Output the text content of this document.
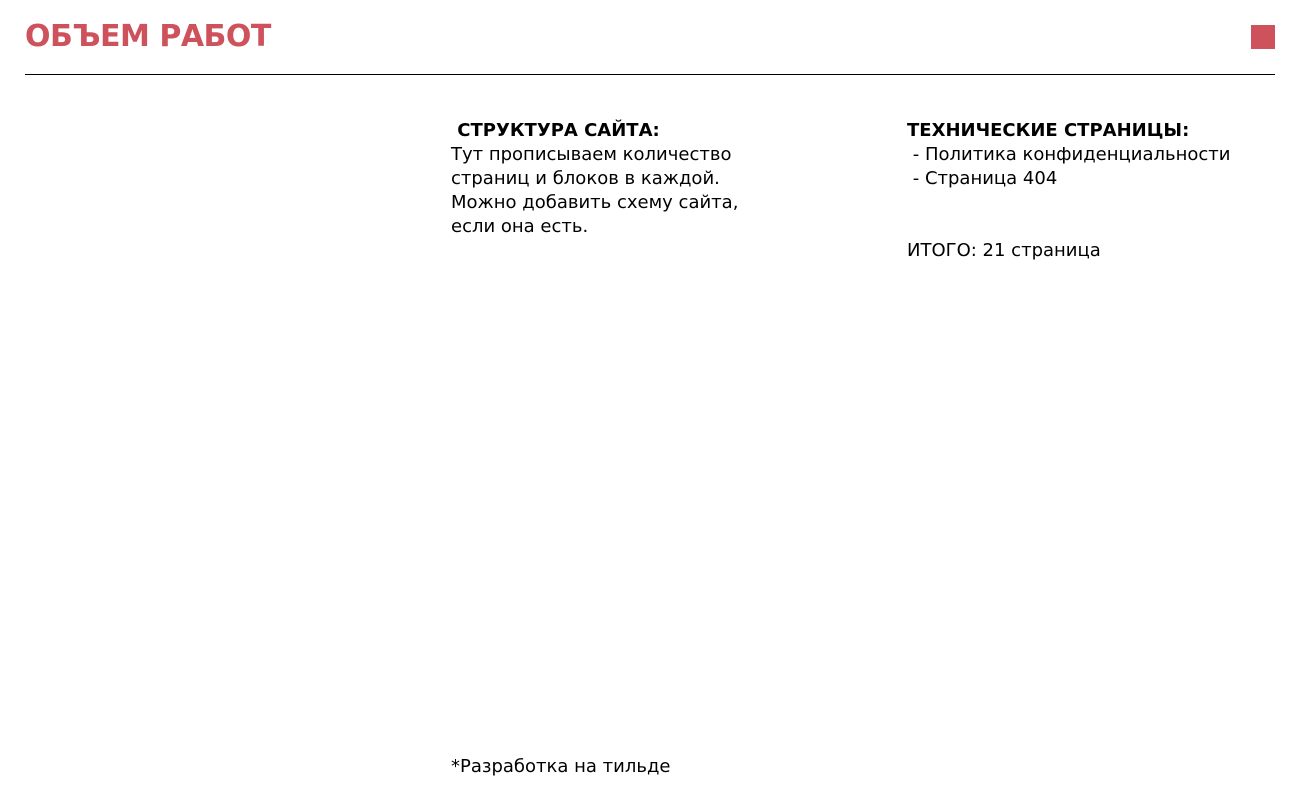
ОБЪЕМ РАБОТ
СТРУКТУРА САЙТА:
Тут прописываем количество
страниц и блоков в каждой.
Можно добавить схему сайта,
если она есть.
ТЕХНИЧЕСКИЕ СТРАНИЦЫ:
- Политика конфиденциальности
- Страница 404
ИТОГО: 21 страница
*Разработка на тильде
